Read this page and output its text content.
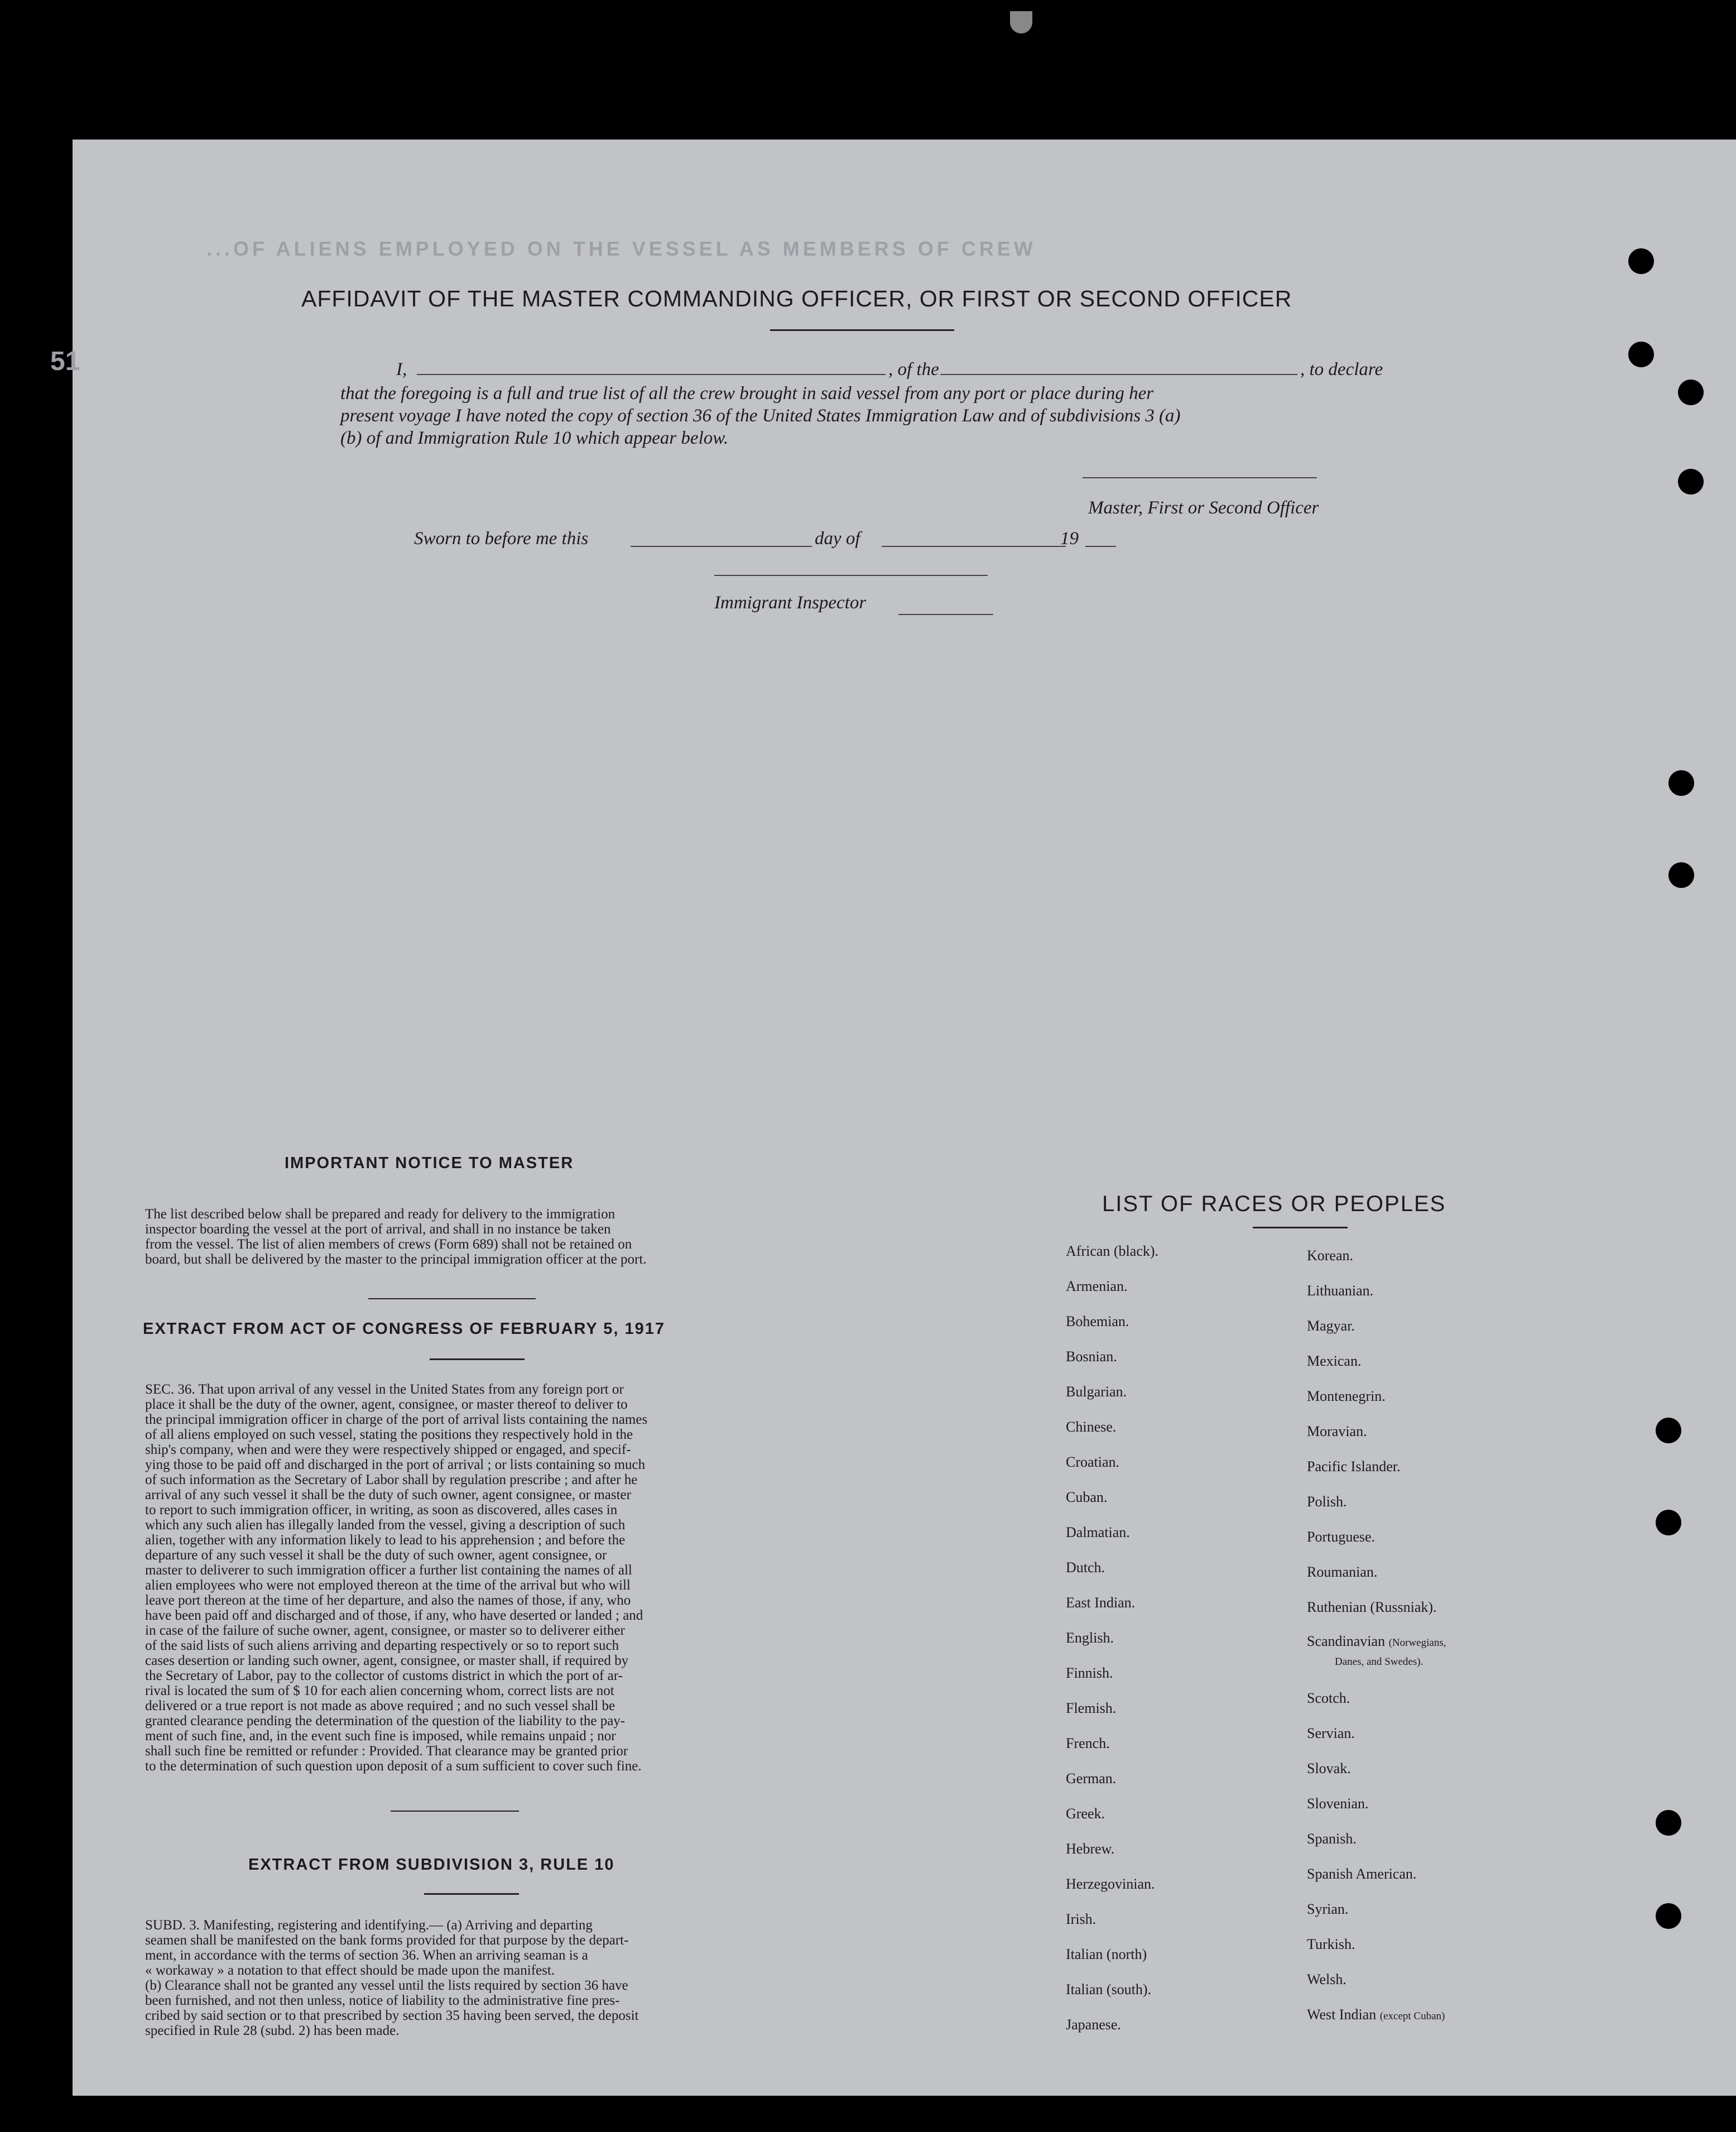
...OF ALIENS EMPLOYED ON THE VESSEL AS MEMBERS OF CREW
51
AFFIDAVIT OF THE MASTER COMMANDING OFFICER, OR FIRST OR SECOND OFFICER
I,	, of the	, to declare
that the foregoing is a full and true list of all the crew brought in said vessel from any port or place during her
present voyage I have noted the copy of section 36 of the United States Immigration Law and of subdivisions 3 (a)
(b) of and Immigration Rule 10 which appear below.
Master, First or Second Officer
Sworn to before me this	day of	19
Immigrant Inspector
IMPORTANT NOTICE TO MASTER
The list described below shall be prepared and ready for delivery to the immigration
inspector boarding the vessel at the port of arrival, and shall in no instance be taken
from the vessel. The list of alien members of crews (Form 689) shall not be retained on
board, but shall be delivered by the master to the principal immigration officer at the port.
EXTRACT FROM ACT OF CONGRESS OF FEBRUARY 5, 1917
SEC. 36. That upon arrival of any vessel in the United States from any foreign port or
place it shall be the duty of the owner, agent, consignee, or master thereof to deliver to
the principal immigration officer in charge of the port of arrival lists containing the names
of all aliens employed on such vessel, stating the positions they respectively hold in the
ship's company, when and were they were respectively shipped or engaged, and specif-
ying those to be paid off and discharged in the port of arrival ; or lists containing so much
of such information as the Secretary of Labor shall by regulation prescribe ; and after he
arrival of any such vessel it shall be the duty of such owner, agent consignee, or master
to report to such immigration officer, in writing, as soon as discovered, alles cases in
which any such alien has illegally landed from the vessel, giving a description of such
alien, together with any information likely to lead to his apprehension ; and before the
departure of any such vessel it shall be the duty of such owner, agent consignee, or
master to deliverer to such immigration officer a further list containing the names of all
alien employees who were not employed thereon at the time of the arrival but who will
leave port thereon at the time of her departure, and also the names of those, if any, who
have been paid off and discharged and of those, if any, who have deserted or landed ; and
in case of the failure of suche owner, agent, consignee, or master so to deliverer either
of the said lists of such aliens arriving and departing respectively or so to report such
cases desertion or landing such owner, agent, consignee, or master shall, if required by
the Secretary of Labor, pay to the collector of customs district in which the port of ar-
rival is located the sum of $ 10 for each alien concerning whom, correct lists are not
delivered or a true report is not made as above required ; and no such vessel shall be
granted clearance pending the determination of the question of the liability to the pay-
ment of such fine, and, in the event such fine is imposed, while remains unpaid ; nor
shall such fine be remitted or refunder : Provided. That clearance may be granted prior
to the determination of such question upon deposit of a sum sufficient to cover such fine.
EXTRACT FROM SUBDIVISION 3, RULE 10
SUBD. 3. Manifesting, registering and identifying.— (a) Arriving and departing
seamen shall be manifested on the bank forms provided for that purpose by the depart-
ment, in accordance with the terms of section 36. When an arriving seaman is a
« workaway » a notation to that effect should be made upon the manifest.
(b) Clearance shall not be granted any vessel until the lists required by section 36 have
been furnished, and not then unless, notice of liability to the administrative fine pres-
cribed by said section or to that prescribed by section 35 having been served, the deposit
specified in Rule 28 (subd. 2) has been made.
LIST OF RACES OR PEOPLES
African (black).
Armenian.
Bohemian.
Bosnian.
Bulgarian.
Chinese.
Croatian.
Cuban.
Dalmatian.
Dutch.
East Indian.
English.
Finnish.
Flemish.
French.
German.
Greek.
Hebrew.
Herzegovinian.
Irish.
Italian (north)
Italian (south).
Japanese.
Korean.
Lithuanian.
Magyar.
Mexican.
Montenegrin.
Moravian.
Pacific Islander.
Polish.
Portuguese.
Roumanian.
Ruthenian (Russniak).
Scandinavian (Norwegians,
Danes, and Swedes).
Scotch.
Servian.
Slovak.
Slovenian.
Spanish.
Spanish American.
Syrian.
Turkish.
Welsh.
West Indian (except Cuban)
